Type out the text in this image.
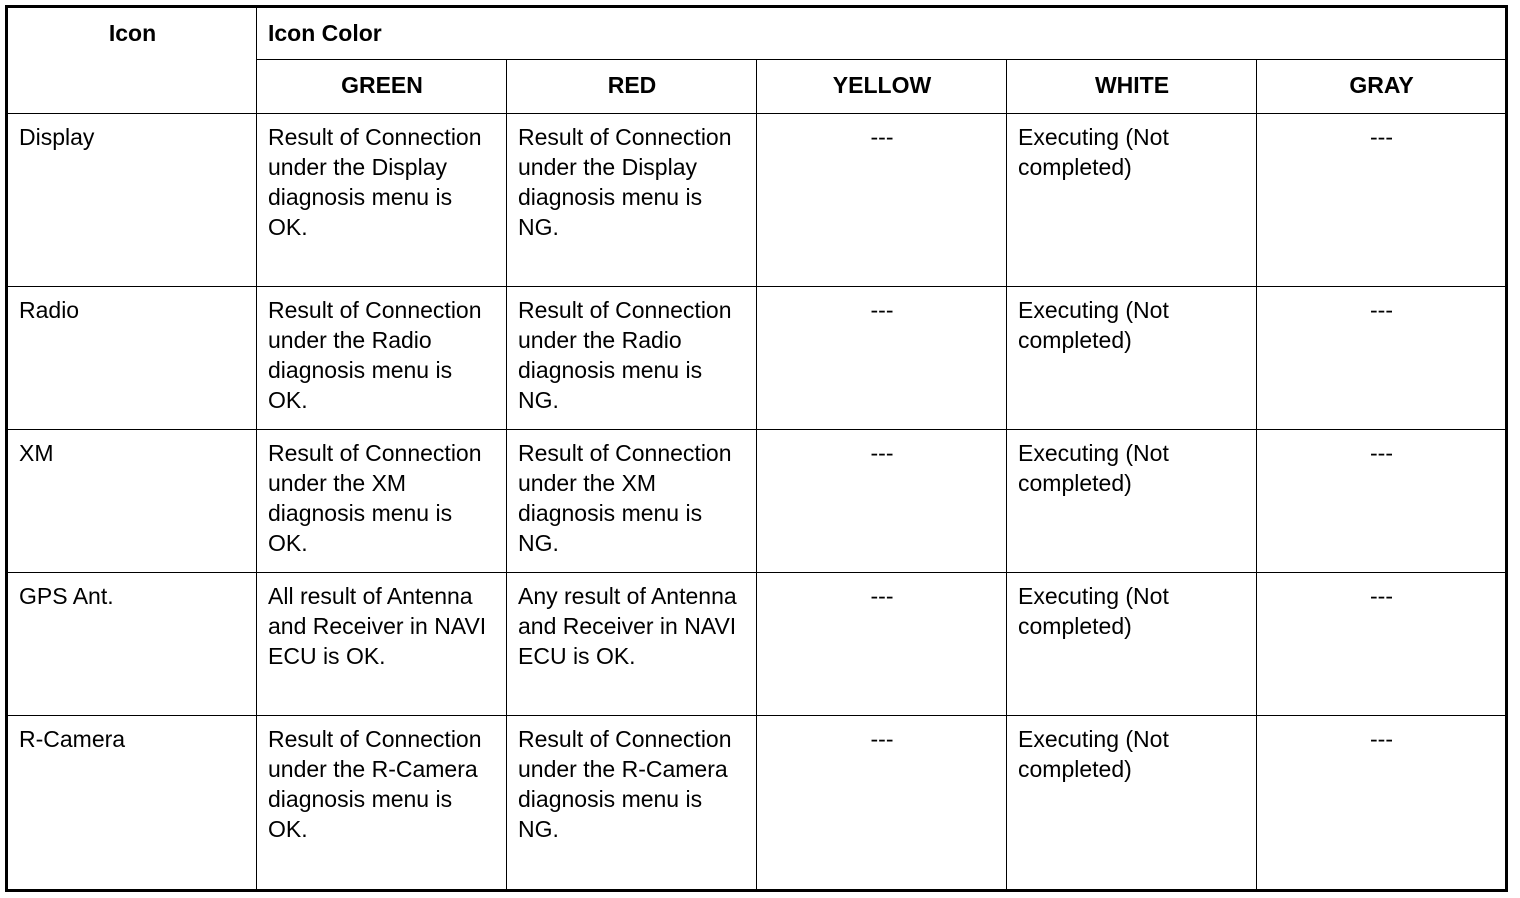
Icon	Icon Color				
	GREEN	RED	YELLOW	WHITE	GRAY
Display	Result of Connection under the Display diagnosis menu is OK.	Result of Connection under the Display diagnosis menu is NG.	---	Executing (Not completed)	---
Radio	Result of Connection under the Radio diagnosis menu is OK.	Result of Connection under the Radio diagnosis menu is NG.	---	Executing (Not completed)	---
XM	Result of Connection under the XM diagnosis menu is OK.	Result of Connection under the XM diagnosis menu is NG.	---	Executing (Not completed)	---
GPS Ant.	All result of Antenna and Receiver in NAVI ECU is OK.	Any result of Antenna and Receiver in NAVI ECU is OK.	---	Executing (Not completed)	---
R-Camera	Result of Connection under the R-Camera diagnosis menu is OK.	Result of Connection under the R-Camera diagnosis menu is NG.	---	Executing (Not completed)	---
